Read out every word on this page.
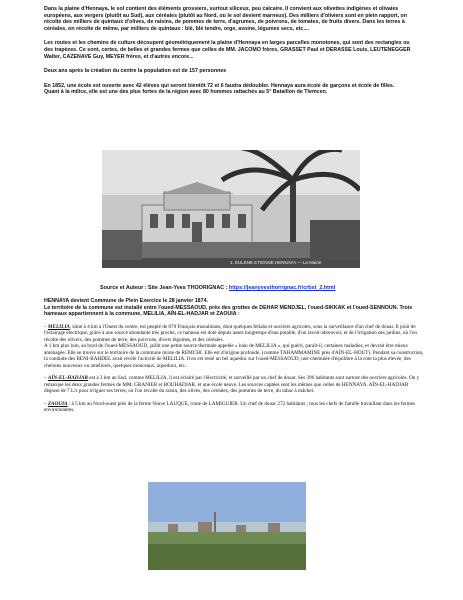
Dans la plaine d'Hennaya, le sol contient des éléments grossiers, surtout siliceux, peu calcaire. Il convient aux olivettes indigènes et olivaies européens, aux vergers (plutôt au Sud), aux céréales (plutôt au Nord, où le sol devient marneux). Des milliers d'oliviers sont en plein rapport, on récolte des milliers de quintaux d'olives, de raisins, de pommes de terre, d'agrumes, de poivrons, de tomates, de fruits divers. Dans les terres à céréales, on récolte de même, par milliers de quintaux : blé, blé tendre, orge, avoine, légumes secs, etc....

Les routes et les chemins de culture découpent géométriquement la plaine d'Hennaya en larges parcelles monotones, qui sont des rectangles ou des trapèzes. Ce sont, certes, de belles et grandes fermes que celles de MM. JACOMO frères, GRASSET Paul et DERASSE Louis, LEUTENEGGER Walter, CAZENAVE Guy, MEYER frères, et d'autres encore...

Deux ans après la création du centre la population est de 157 personnes

En 1852, une école est ouverte avec 42 élèves qui seront bientôt 72 et il faudra dédoubler. Hennaya aura école de garçons et école de filles.

Quant à la milice, elle est une des plus fortes de la région avec 80 hommes rattachés au 5° Bataillon de Tlemcen.

1. EULENE ETIENNE HENNAYA — La Mairie
Source et Auteur : Site Jean-Yves THOORIGNAC : https://jeanyvesthorrignac.fr/crbst_2.html

HENNAYA devient Commune de Plein Exercice le 28 janvier 1874.

Le territoire de la commune est installé entre l'oued-MESSAOUD, près des grottes de DEHAR MENDJEL, l'oued-SIKKAK et l'oued-SENNOUN. Trois hameaux appartiennent à la commune, MELILIA, AÏN-EL-HADJAR et ZAOUIA :

– MELILIA, situé à 4 km à l'Ouest du centre, est peuplé de 870 Français-musulmans, dont quelques fellahs et ouvriers agricoles, sous la surveillance d'un chef de douar. Il jouit de l'éclairage électrique, grâce à une source abondante très proche, ce hameau est doté depuis assez longtemps d'eau potable, d'un lavoir-abreuvoir, et de l'irrigation des jardins, où l'on récolte des olivers, des pommes de terre, des poivrons, divers légumes, et des céréales.

A 1 km plus loin, au bord de l'oued-MESSAOUD, jaillit une petite source thermale appelée « bain de MELILIA », qui guérit, paraît-il, certaines maladies, et devrait être mieux aménagée. Elle se trouve sur le territoire de la commune mixte de REMCHI. Elle est d'origine profonde, (comme TAHAMMAMINE près d'AÏN-EL-HOUT). Pendant sa construction, la conduite des BENI-BAHDEL avait révélé l'activité de MELILIA. Il en est resté un bel aqueduc sur l'oued-MESSAOUD, une cheminée d'équilibre à la cote la plus élevée, des chemins nouveaux ou améliorés, quelques monceaux, aqueducs, etc..

– AÏN-EL-HADJAR est à 3 km au Sud, comme MELILIA, il est éclairé par l'électricité, et surveillé par un chef de douar. Ses 396 habitants sont surtout des ouvriers agricoles. On y remarque les deux grandes fermes de MM. GRANIER et BOUHADJAR, et une école neuve. Les sources captées sont les mêmes que celles de HENNAYA. AÏN-EL-HADJAR dispose de 7 L/s pour irriguer ses terres, où l'on récolte du raisin, des olives, des céréales, des pommes de terre, du tabac à mâcher.

– ZAOUIA : à 5 km au Nord-ouest près de la ferme Veuve LAUQUE, route de LAMIGUIER. Un chef de douar 272 habitants ; tous les chefs de famille travaillant dans les fermes environnantes.
